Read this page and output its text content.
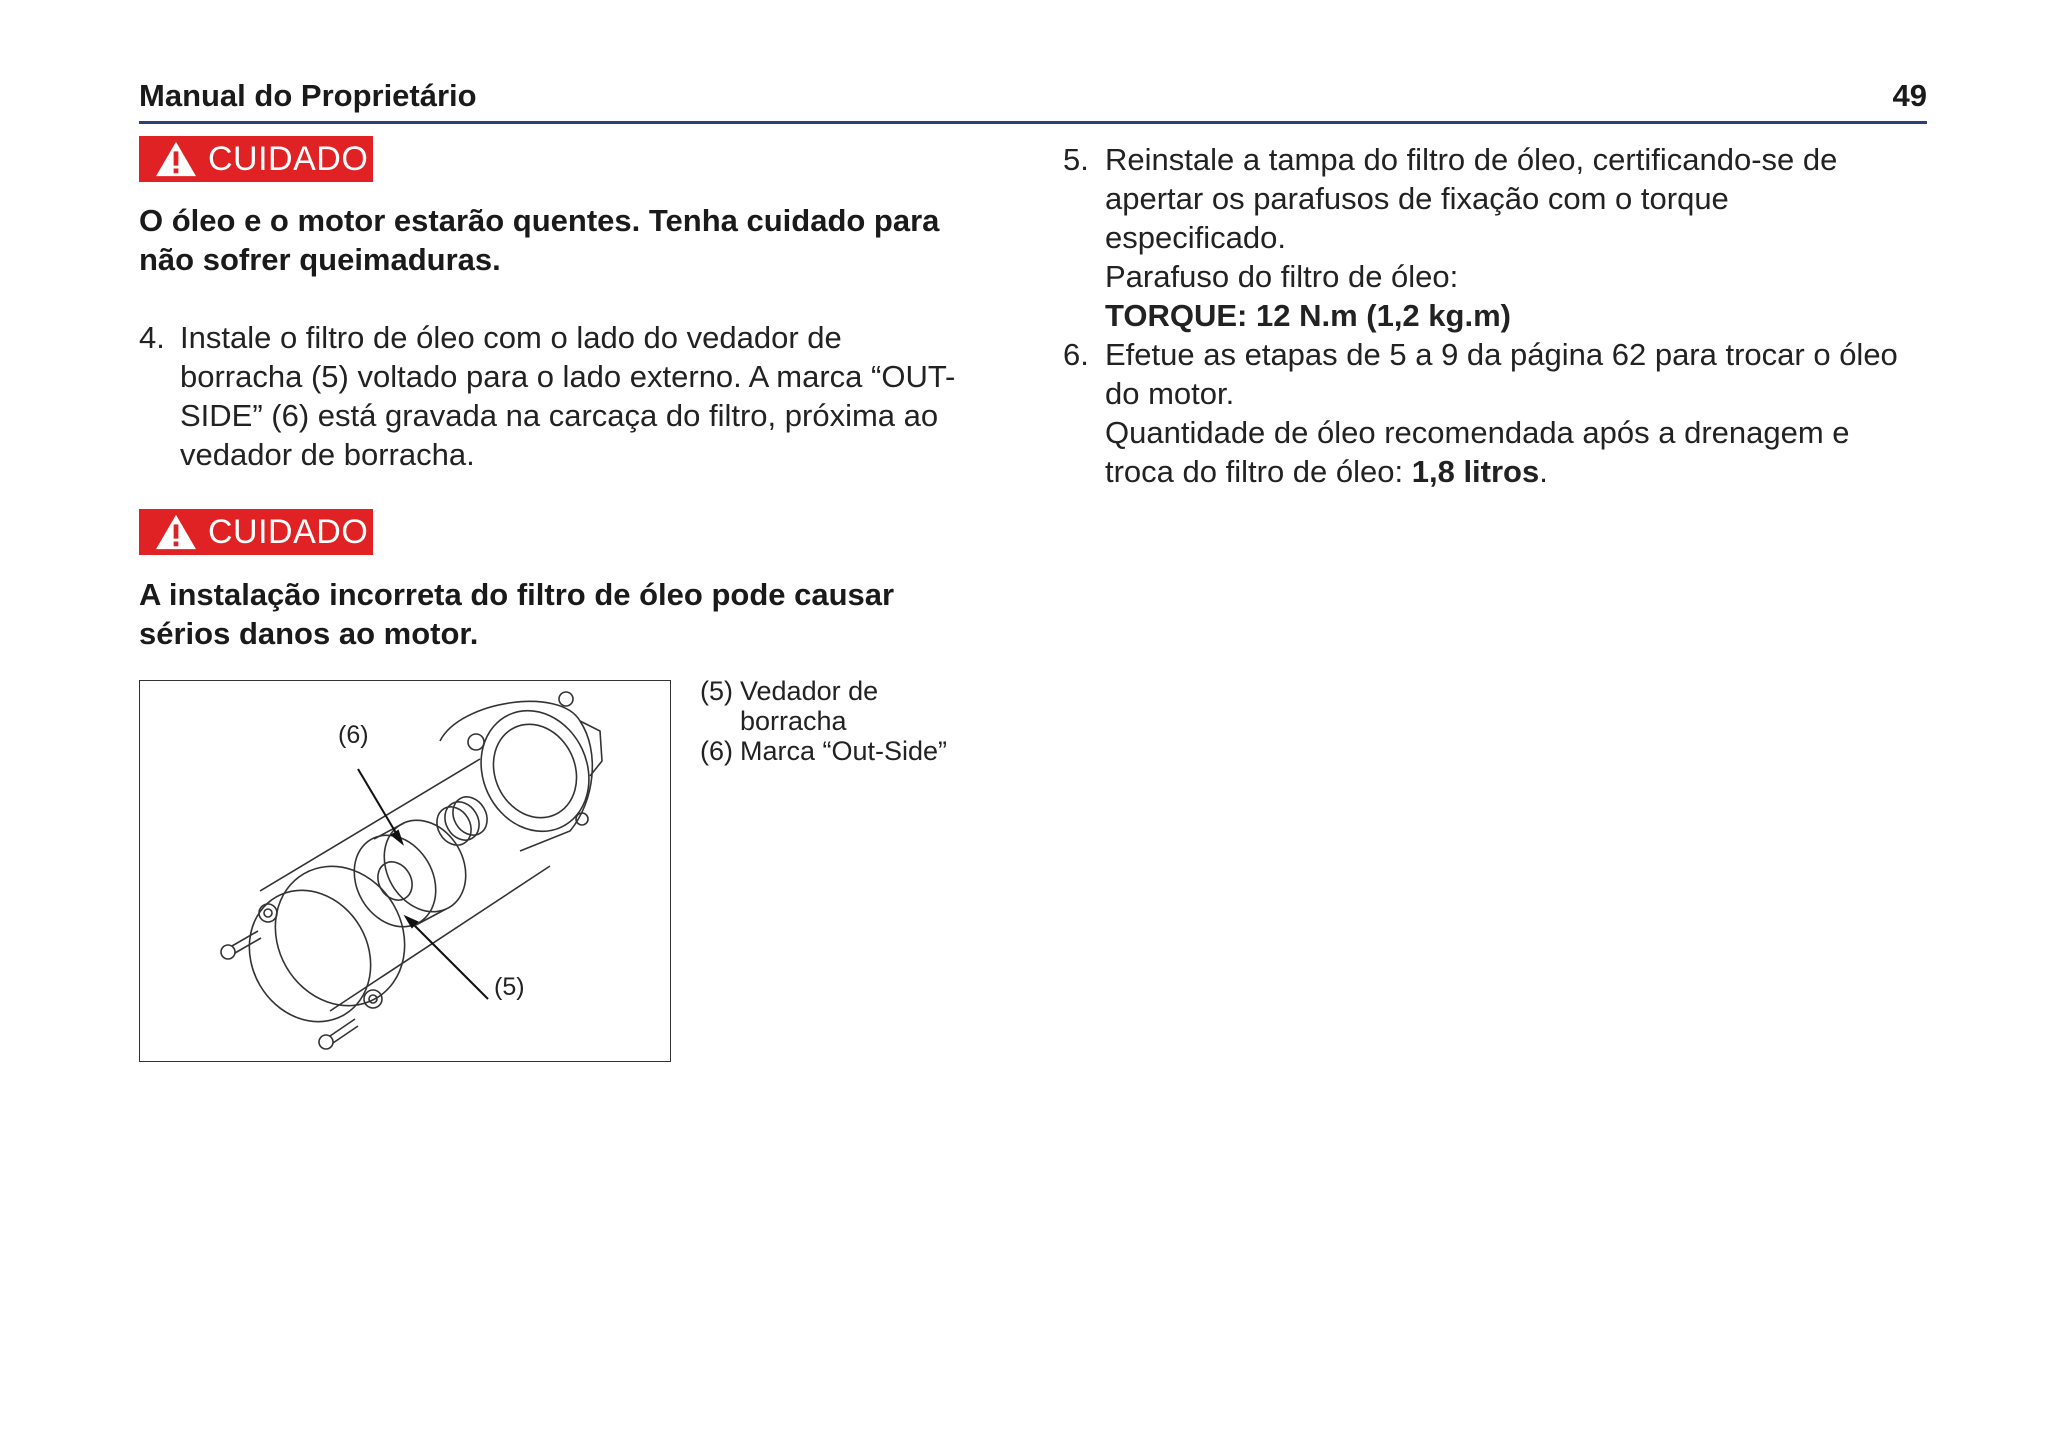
Manual do Proprietário	49
CUIDADO
O óleo e o motor estarão quentes. Tenha cuidado para
não sofrer queimaduras.
4. Instale o filtro de óleo com o lado do vedador de
borracha (5) voltado para o lado externo. A marca “OUT-
SIDE” (6) está gravada na carcaça do filtro, próxima ao
vedador de borracha.
CUIDADO
A instalação incorreta do filtro de óleo pode causar
sérios danos ao motor.
(6)
(5)
(5) Vedador de
borracha
(6) Marca “Out-Side”
5. Reinstale a tampa do filtro de óleo, certificando-se de
apertar os parafusos de fixação com o torque
especificado.
Parafuso do filtro de óleo:
TORQUE: 12 N.m (1,2 kg.m)
6. Efetue as etapas de 5 a 9 da página 62 para trocar o óleo
do motor.
Quantidade de óleo recomendada após a drenagem e
troca do filtro de óleo: 1,8 litros.
